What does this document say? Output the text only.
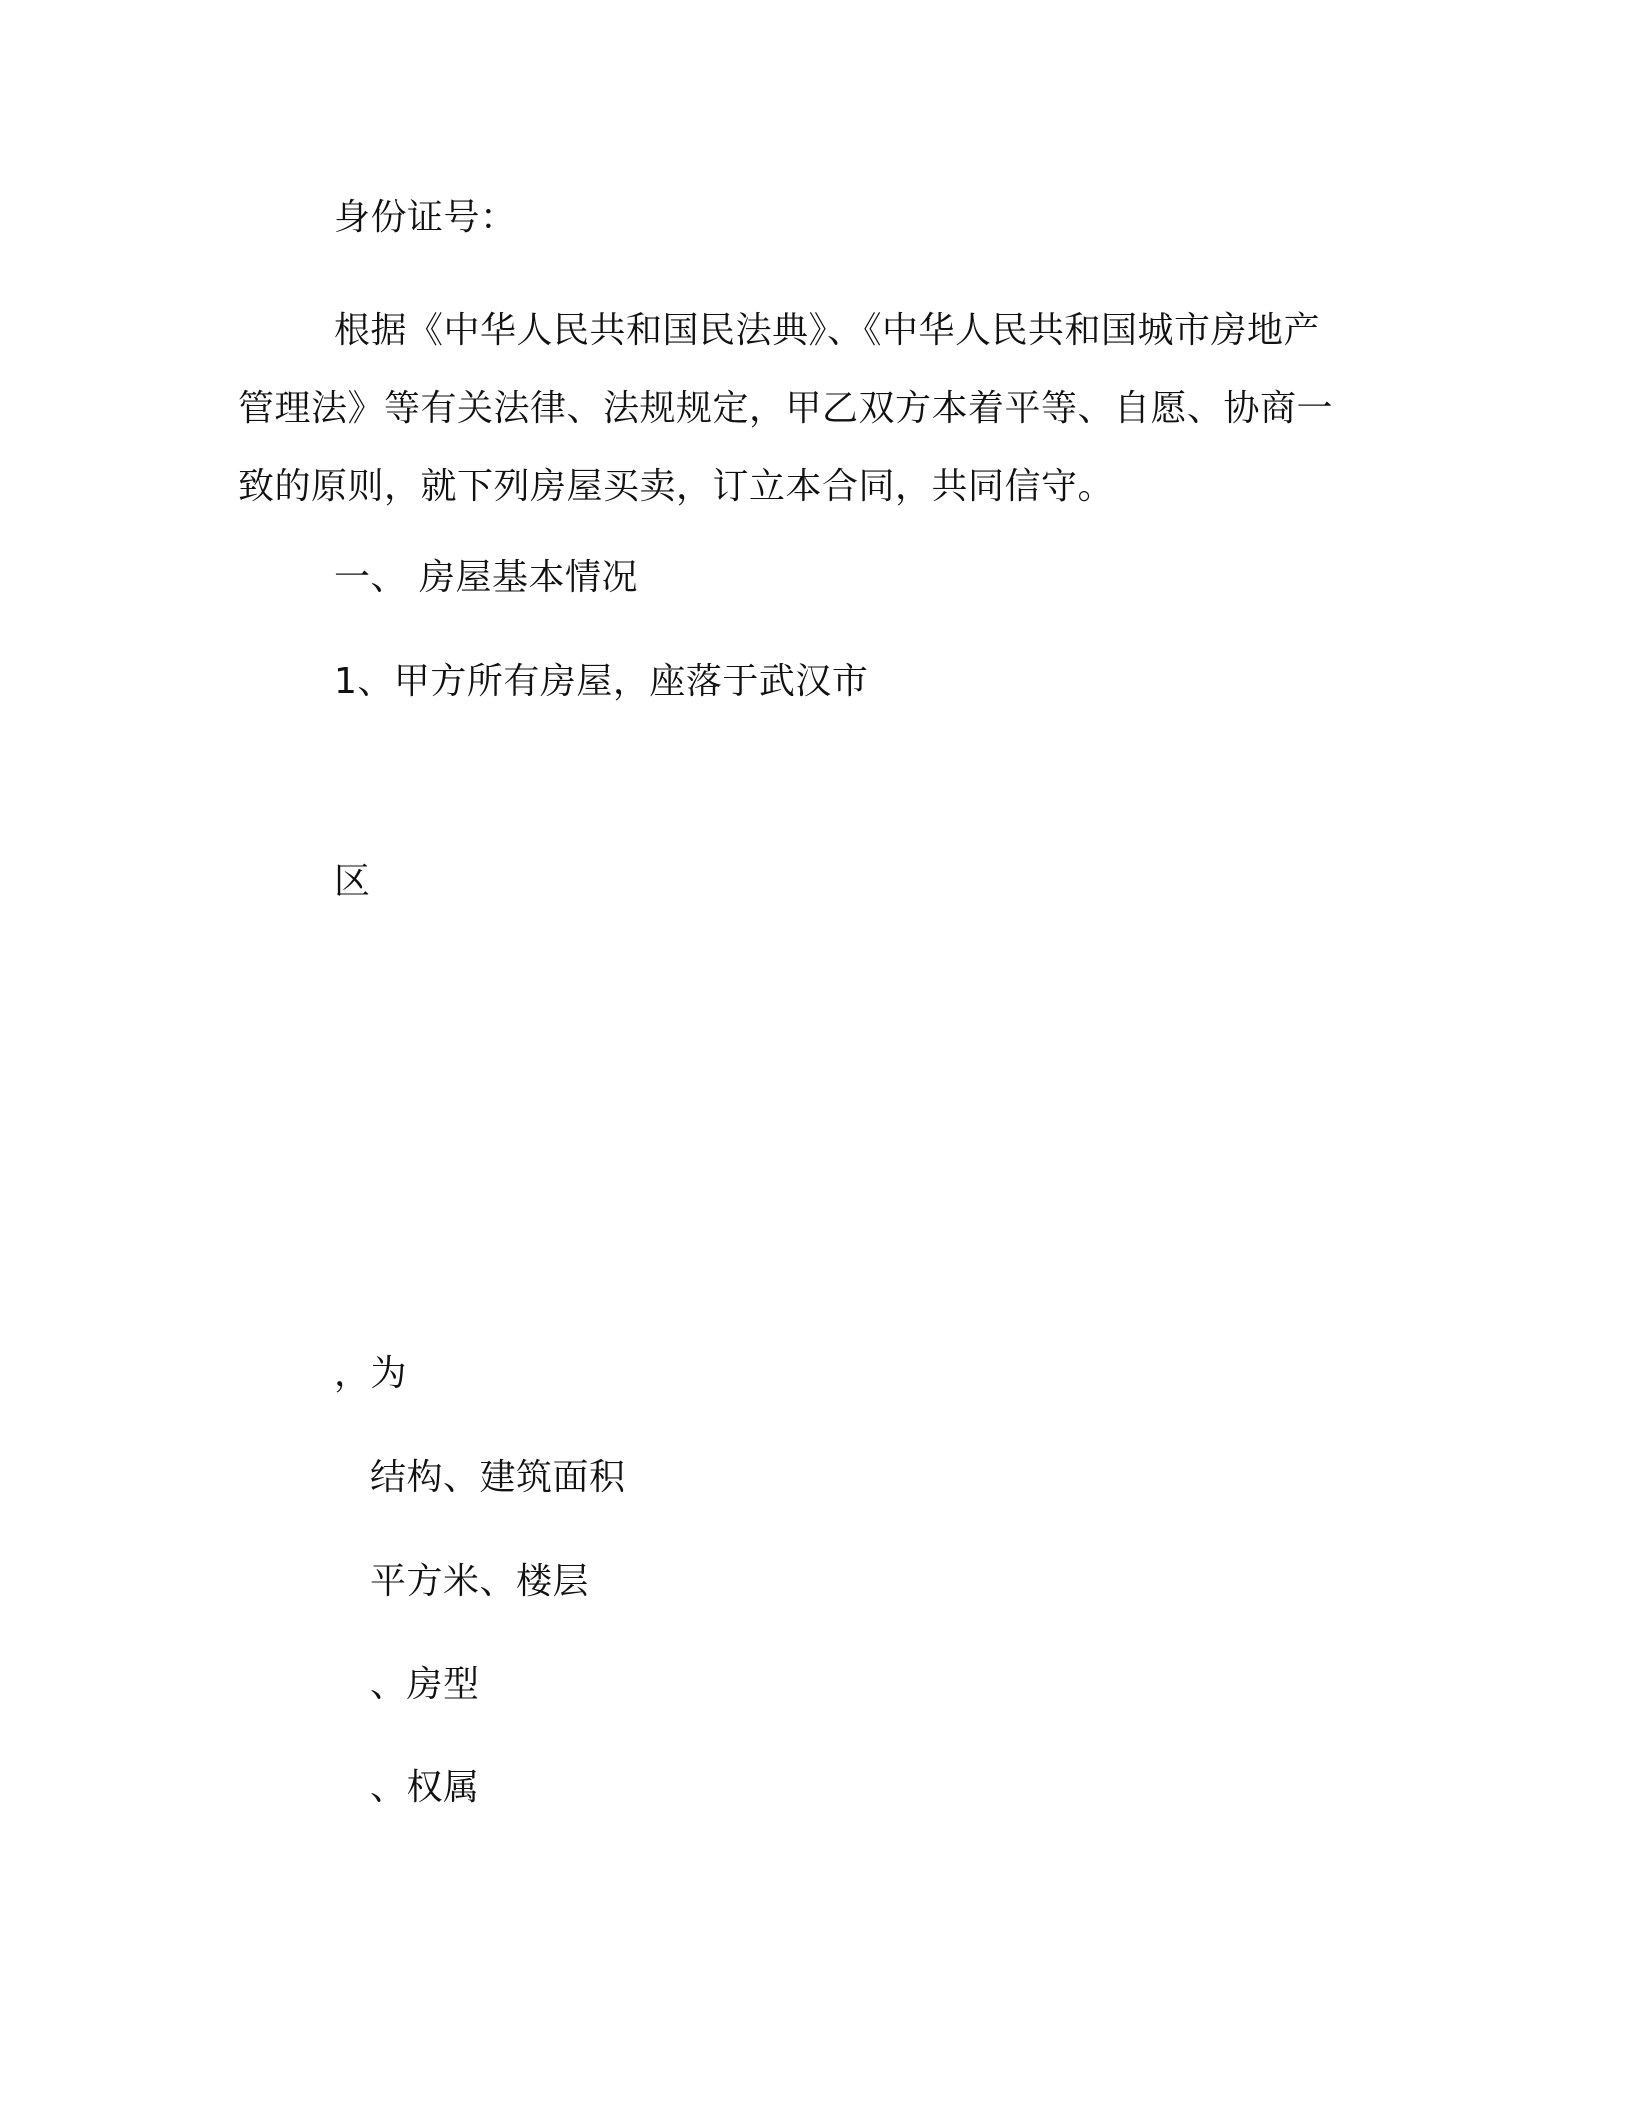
身份证号：
根据《中华人民共和国民法典》、《中华人民共和国城市房地产
管理法》等有关法律、法规规定，甲乙双方本着平等、自愿、协商一
致的原则，就下列房屋买卖，订立本合同，共同信守。
一、 房屋基本情况
1、甲方所有房屋，座落于武汉市
区
，为
结构、建筑面积
平方米、楼层
、房型
、权属
